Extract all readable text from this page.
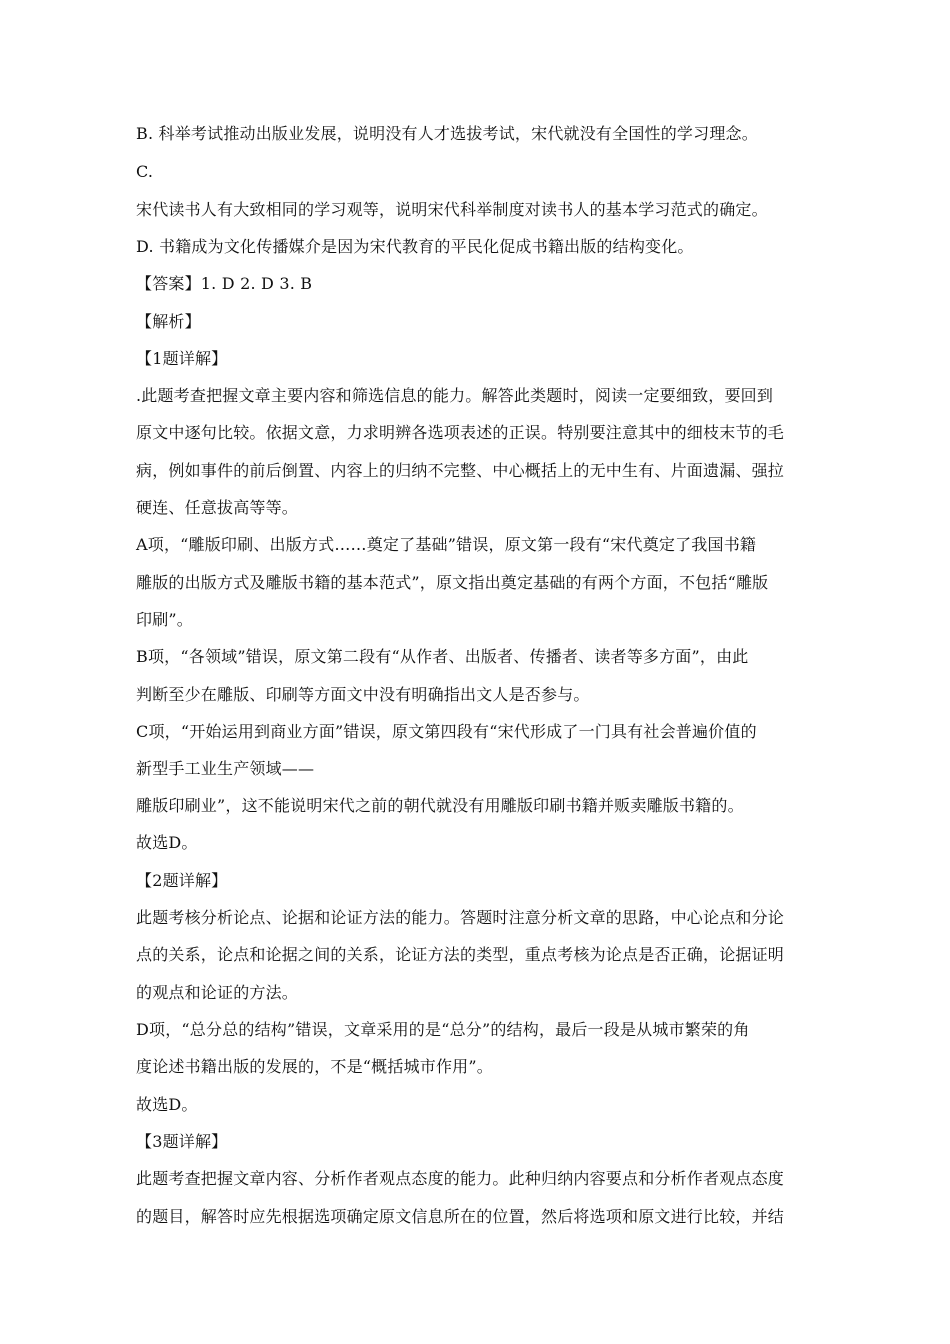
B. 科举考试推动出版业发展，说明没有人才选拔考试，宋代就没有全国性的学习理念。
C.
宋代读书人有大致相同的学习观等，说明宋代科举制度对读书人的基本学习范式的确定。
D. 书籍成为文化传播媒介是因为宋代教育的平民化促成书籍出版的结构变化。
【答案】1. D 2. D 3. B
【解析】
【1题详解】
.此题考查把握文章主要内容和筛选信息的能力。解答此类题时，阅读一定要细致，要回到
原文中逐句比较。依据文意，力求明辨各选项表述的正误。特别要注意其中的细枝末节的毛
病，例如事件的前后倒置、内容上的归纳不完整、中心概括上的无中生有、片面遗漏、强拉
硬连、任意拔高等等。
A项，“雕版印刷、出版方式……奠定了基础”错误，原文第一段有“宋代奠定了我国书籍
雕版的出版方式及雕版书籍的基本范式”，原文指出奠定基础的有两个方面，不包括“雕版
印刷”。
B项，“各领域”错误，原文第二段有“从作者、出版者、传播者、读者等多方面”，由此
判断至少在雕版、印刷等方面文中没有明确指出文人是否参与。
C项，“开始运用到商业方面”错误，原文第四段有“宋代形成了一门具有社会普遍价值的
新型手工业生产领域——
雕版印刷业”，这不能说明宋代之前的朝代就没有用雕版印刷书籍并贩卖雕版书籍的。
故选D。
【2题详解】
此题考核分析论点、论据和论证方法的能力。答题时注意分析文章的思路，中心论点和分论
点的关系，论点和论据之间的关系，论证方法的类型，重点考核为论点是否正确，论据证明
的观点和论证的方法。
D项，“总分总的结构”错误，文章采用的是“总分”的结构，最后一段是从城市繁荣的角
度论述书籍出版的发展的，不是“概括城市作用”。
故选D。
【3题详解】
此题考查把握文章内容、分析作者观点态度的能力。此种归纳内容要点和分析作者观点态度
的题目，解答时应先根据选项确定原文信息所在的位置，然后将选项和原文进行比较，并结
